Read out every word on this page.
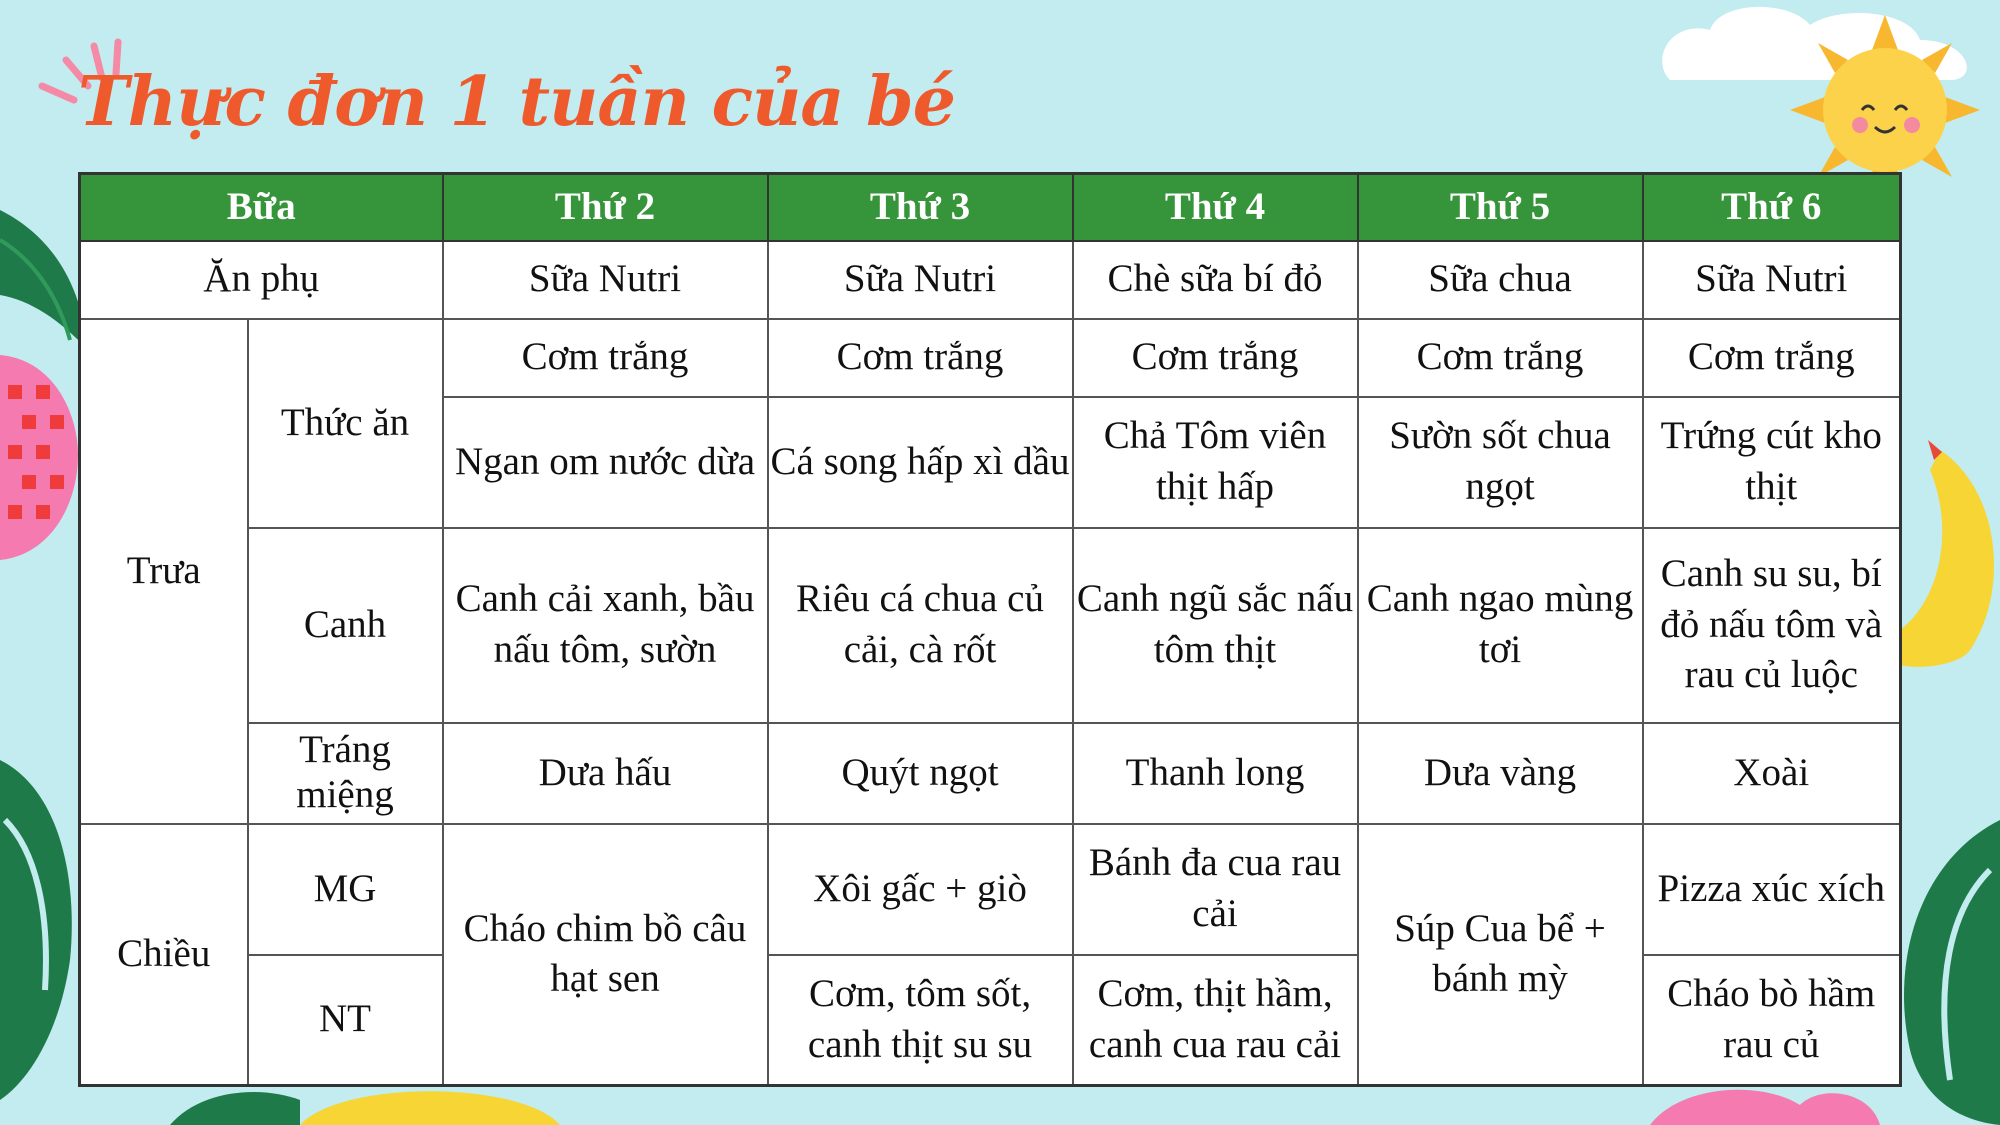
Thực đơn 1 tuần của bé
Bữa		Thứ 2	Thứ 3	Thứ 4	Thứ 5	Thứ 6
Ăn phụ		Sữa Nutri	Sữa Nutri	Chè sữa bí đỏ	Sữa chua	Sữa Nutri
Trưa	Thức ăn	Cơm trắng	Cơm trắng	Cơm trắng	Cơm trắng	Cơm trắng
		Ngan om nước dừa	Cá song hấp xì dầu	Chả Tôm viên thịt hấp	Sườn sốt chua ngọt	Trứng cút kho thịt
	Canh	Canh cải xanh, bầu nấu tôm, sườn	Riêu cá chua củ cải, cà rốt	Canh ngũ sắc nấu tôm thịt	Canh ngao mùng tơi	Canh su su, bí đỏ nấu tôm và rau củ luộc
	Tráng miệng	Dưa hấu	Quýt ngọt	Thanh long	Dưa vàng	Xoài
Chiều	MG	Cháo chim bồ câu hạt sen	Xôi gấc + giò	Bánh đa cua rau cải	Súp Cua bể + bánh mỳ	Pizza xúc xích
	NT		Cơm, tôm sốt, canh thịt su su	Cơm, thịt hầm, canh cua rau cải		Cháo bò hầm rau củ
